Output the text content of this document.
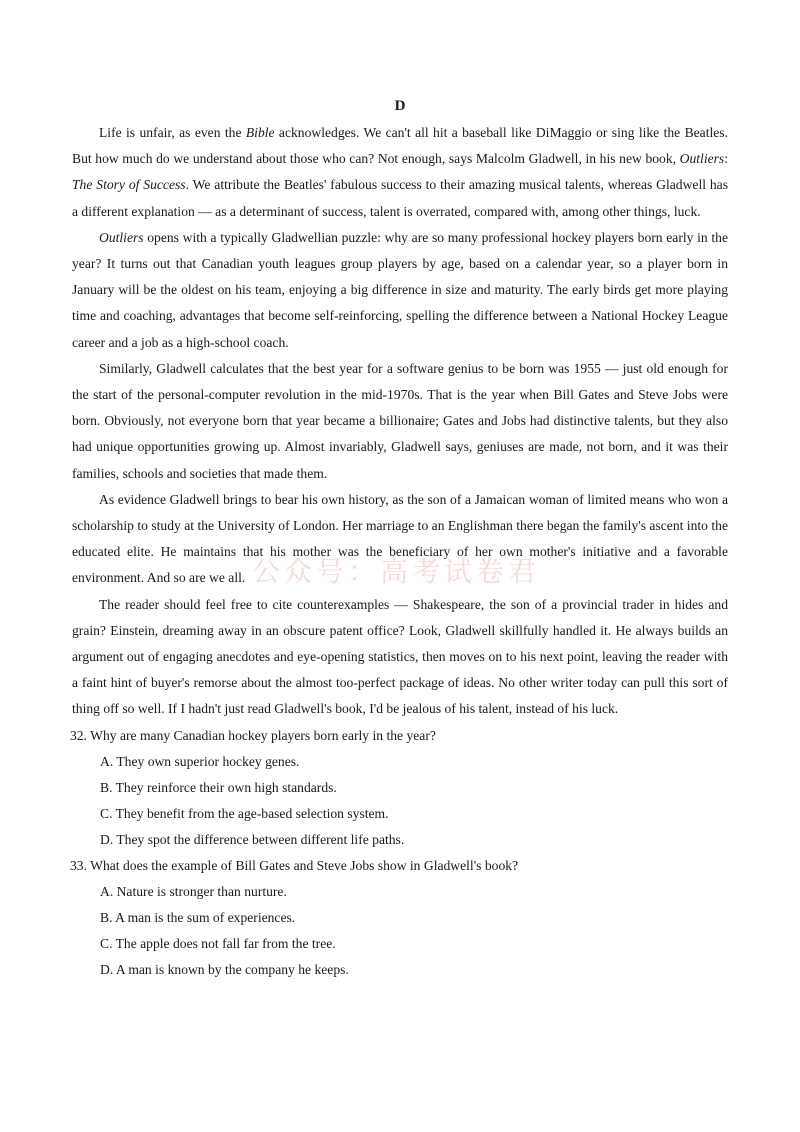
公众号：高考试卷君
D

Life is unfair, as even the Bible acknowledges. We can't all hit a baseball like DiMaggio or sing like the Beatles. But how much do we understand about those who can? Not enough, says Malcolm Gladwell, in his new book, Outliers: The Story of Success. We attribute the Beatles' fabulous success to their amazing musical talents, whereas Gladwell has a different explanation — as a determinant of success, talent is overrated, compared with, among other things, luck.

Outliers opens with a typically Gladwellian puzzle: why are so many professional hockey players born early in the year? It turns out that Canadian youth leagues group players by age, based on a calendar year, so a player born in January will be the oldest on his team, enjoying a big difference in size and maturity. The early birds get more playing time and coaching, advantages that become self-reinforcing, spelling the difference between a National Hockey League career and a job as a high-school coach.

Similarly, Gladwell calculates that the best year for a software genius to be born was 1955 — just old enough for the start of the personal-computer revolution in the mid-1970s. That is the year when Bill Gates and Steve Jobs were born. Obviously, not everyone born that year became a billionaire; Gates and Jobs had distinctive talents, but they also had unique opportunities growing up. Almost invariably, Gladwell says, geniuses are made, not born, and it was their families, schools and societies that made them.

As evidence Gladwell brings to bear his own history, as the son of a Jamaican woman of limited means who won a scholarship to study at the University of London. Her marriage to an Englishman there began the family's ascent into the educated elite. He maintains that his mother was the beneficiary of her own mother's initiative and a favorable environment. And so are we all.

The reader should feel free to cite counterexamples — Shakespeare, the son of a provincial trader in hides and grain? Einstein, dreaming away in an obscure patent office? Look, Gladwell skillfully handled it. He always builds an argument out of engaging anecdotes and eye-opening statistics, then moves on to his next point, leaving the reader with a faint hint of buyer's remorse about the almost too-perfect package of ideas. No other writer today can pull this sort of thing off so well. If I hadn't just read Gladwell's book, I'd be jealous of his talent, instead of his luck.

32. Why are many Canadian hockey players born early in the year?

A. They own superior hockey genes.
B. They reinforce their own high standards.
C. They benefit from the age-based selection system.
D. They spot the difference between different life paths.

33. What does the example of Bill Gates and Steve Jobs show in Gladwell's book?

A. Nature is stronger than nurture.
B. A man is the sum of experiences.
C. The apple does not fall far from the tree.
D. A man is known by the company he keeps.
